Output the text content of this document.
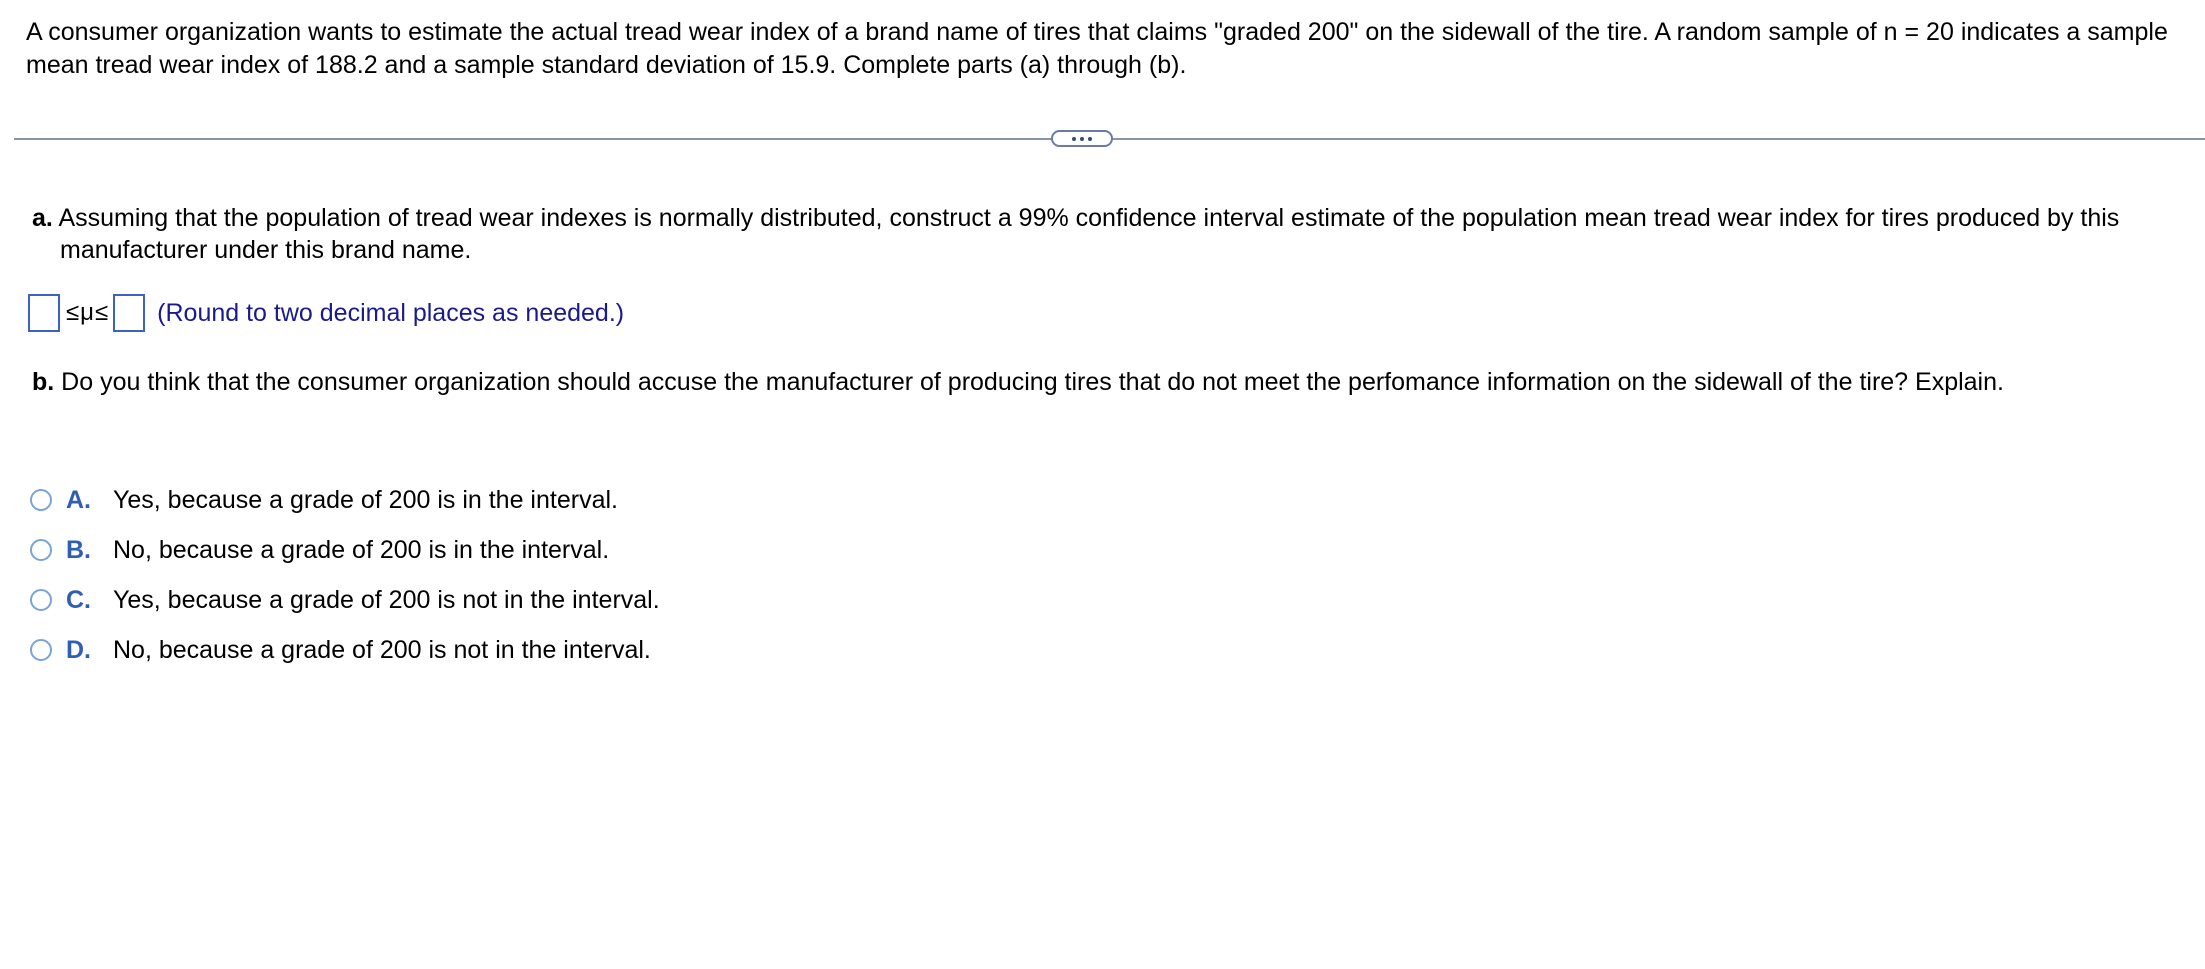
A consumer organization wants to estimate the actual tread wear index of a brand name of tires that claims "graded 200" on the sidewall of the tire. A random sample of n = 20 indicates a sample mean tread wear index of 188.2 and a sample standard deviation of 15.9. Complete parts (a) through (b).

a. Assuming that the population of tread wear indexes is normally distributed, construct a 99% confidence interval estimate of the population mean tread wear index for tires produced by this manufacturer under this brand name.

≤μ≤ (Round to two decimal places as needed.)

b. Do you think that the consumer organization should accuse the manufacturer of producing tires that do not meet the perfomance information on the sidewall of the tire? Explain.

A. Yes, because a grade of 200 is in the interval.
B. No, because a grade of 200 is in the interval.
C. Yes, because a grade of 200 is not in the interval.
D. No, because a grade of 200 is not in the interval.
